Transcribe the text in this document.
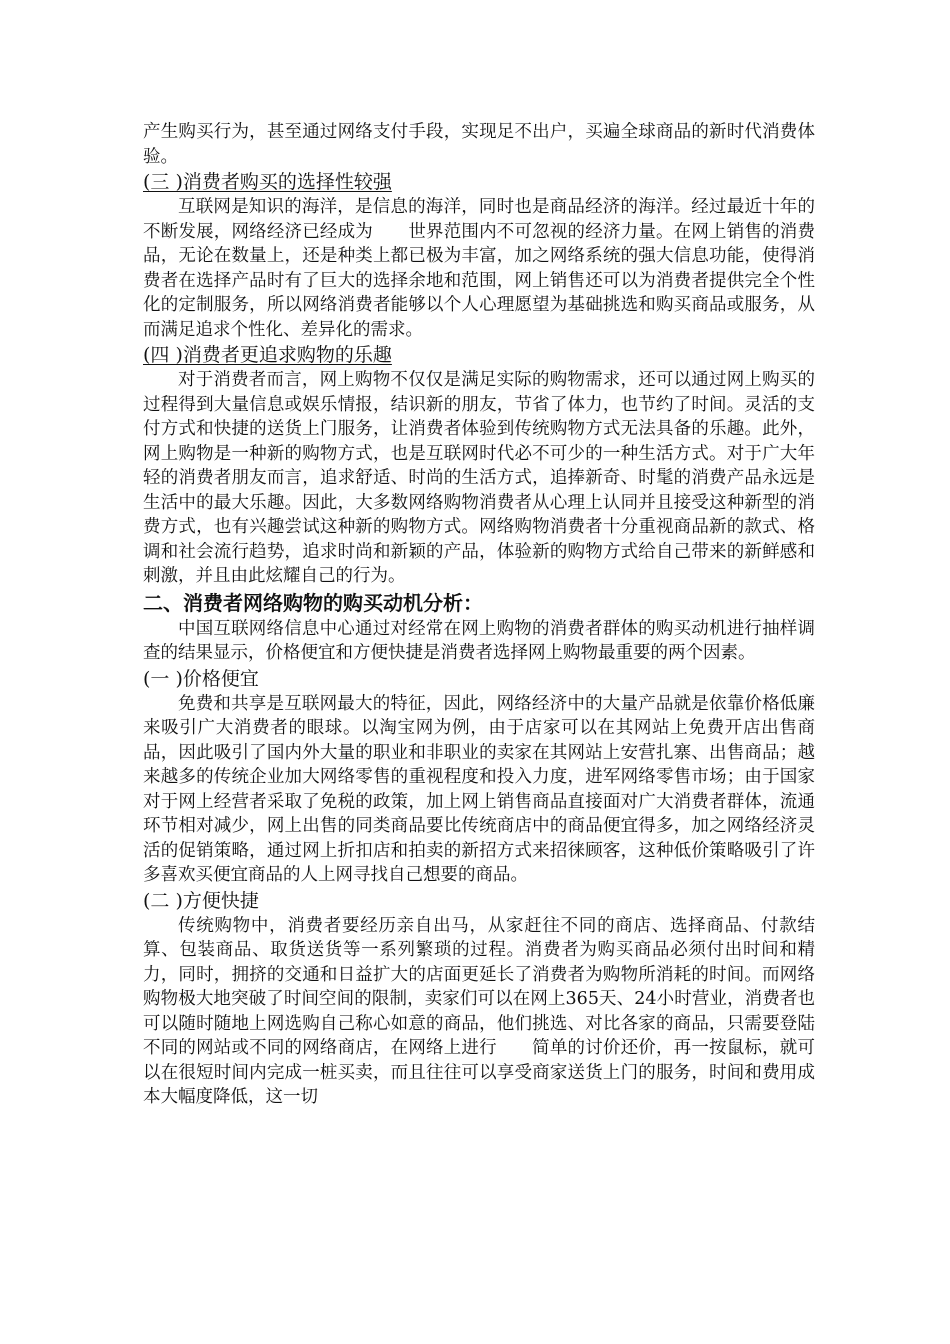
产生购买行为，甚至通过网络支付手段，实现足不出户，买遍全球商品的新时代消费体验。

(三 )消费者购买的选择性较强

互联网是知识的海洋，是信息的海洋，同时也是商品经济的海洋。经过最近十年的不断发展，网络经济已经成为　　世界范围内不可忽视的经济力量。在网上销售的消费品，无论在数量上，还是种类上都已极为丰富，加之网络系统的强大信息功能，使得消费者在选择产品时有了巨大的选择余地和范围，网上销售还可以为消费者提供完全个性化的定制服务，所以网络消费者能够以个人心理愿望为基础挑选和购买商品或服务，从而满足追求个性化、差异化的需求。

(四 )消费者更追求购物的乐趣

对于消费者而言，网上购物不仅仅是满足实际的购物需求，还可以通过网上购买的过程得到大量信息或娱乐情报，结识新的朋友，节省了体力，也节约了时间。灵活的支付方式和快捷的送货上门服务，让消费者体验到传统购物方式无法具备的乐趣。此外，网上购物是一种新的购物方式，也是互联网时代必不可少的一种生活方式。对于广大年轻的消费者朋友而言，追求舒适、时尚的生活方式，追捧新奇、时髦的消费产品永远是生活中的最大乐趣。因此，大多数网络购物消费者从心理上认同并且接受这种新型的消费方式，也有兴趣尝试这种新的购物方式。网络购物消费者十分重视商品新的款式、格调和社会流行趋势，追求时尚和新颖的产品，体验新的购物方式给自己带来的新鲜感和刺激，并且由此炫耀自己的行为。

二、消费者网络购物的购买动机分析：

中国互联网络信息中心通过对经常在网上购物的消费者群体的购买动机进行抽样调查的结果显示，价格便宜和方便快捷是消费者选择网上购物最重要的两个因素。

(一 )价格便宜

免费和共享是互联网最大的特征，因此，网络经济中的大量产品就是依靠价格低廉来吸引广大消费者的眼球。以淘宝网为例，由于店家可以在其网站上免费开店出售商品，因此吸引了国内外大量的职业和非职业的卖家在其网站上安营扎寨、出售商品；越来越多的传统企业加大网络零售的重视程度和投入力度，进军网络零售市场；由于国家对于网上经营者采取了免税的政策，加上网上销售商品直接面对广大消费者群体，流通环节相对减少，网上出售的同类商品要比传统商店中的商品便宜得多，加之网络经济灵活的促销策略，通过网上折扣店和拍卖的新招方式来招徕顾客，这种低价策略吸引了许多喜欢买便宜商品的人上网寻找自己想要的商品。

(二 )方便快捷

传统购物中，消费者要经历亲自出马，从家赶往不同的商店、选择商品、付款结算、包装商品、取货送货等一系列繁琐的过程。消费者为购买商品必须付出时间和精力，同时，拥挤的交通和日益扩大的店面更延长了消费者为购物所消耗的时间。而网络购物极大地突破了时间空间的限制，卖家们可以在网上365天、24小时营业，消费者也可以随时随地上网选购自己称心如意的商品，他们挑选、对比各家的商品，只需要登陆不同的网站或不同的网络商店，在网络上进行　　简单的讨价还价，再一按鼠标，就可以在很短时间内完成一桩买卖，而且往往可以享受商家送货上门的服务，时间和费用成本大幅度降低，这一切
